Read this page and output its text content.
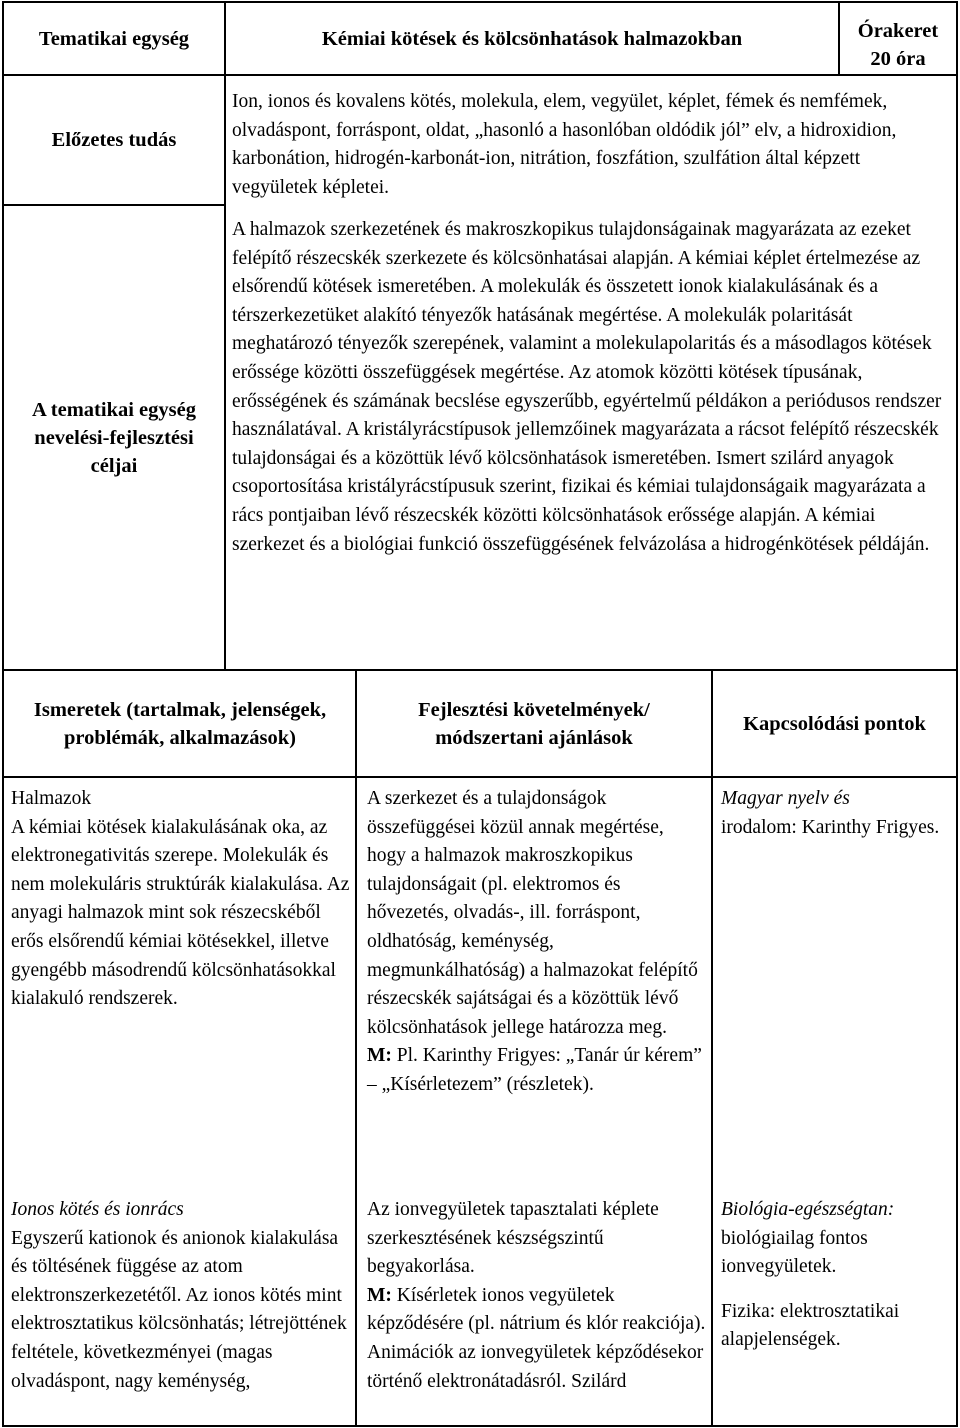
Tematikai egység	Kémiai kötések és kölcsönhatások halmazokban	Órakeret
20 óra
Előzetes tudás

Ion, ionos és kovalens kötés, molekula, elem, vegyület, képlet, fémek és nemfémek, olvadáspont, forráspont, oldat, „hasonló a hasonlóban oldódik jól” elv, a hidroxidion, karbonátion, hidrogén-karbonát-ion, nitrátion, foszfátion, szulfátion által képzett vegyületek képletei.

A tematikai egység
nevelési-fejlesztési
céljai

A halmazok szerkezetének és makroszkopikus tulajdonságainak magyarázata az ezeket felépítő részecskék szerkezete és kölcsönhatásai alapján. A kémiai képlet értelmezése az elsőrendű kötések ismeretében. A molekulák és összetett ionok kialakulásának és a térszerkezetüket alakító tényezők hatásának megértése. A molekulák polaritását meghatározó tényezők szerepének, valamint a molekulapolaritás és a másodlagos kötések erőssége közötti összefüggések megértése. Az atomok közötti kötések típusának, erősségének és számának becslése egyszerűbb, egyértelmű példákon a periódusos rendszer használatával. A kristályrácstípusok jellemzőinek magyarázata a rácsot felépítő részecskék tulajdonságai és a közöttük lévő kölcsönhatások ismeretében. Ismert szilárd anyagok csoportosítása kristályrácstípusuk szerint, fizikai és kémiai tulajdonságaik magyarázata a rács pontjaiban lévő részecskék közötti kölcsönhatások erőssége alapján. A kémiai szerkezet és a biológiai funkció összefüggésének felvázolása a hidrogénkötések példáján.

Ismeretek (tartalmak, jelenségek, problémák, alkalmazások)
Fejlesztési követelmények/
módszertani ajánlások
Kapcsolódási pontok
Halmazok

A kémiai kötések kialakulásának oka, az elektronegativitás szerepe. Molekulák és nem molekuláris struktúrák kialakulása. Az anyagi halmazok mint sok részecskéből erős elsőrendű kémiai kötésekkel, illetve gyengébb másodrendű kölcsönhatásokkal kialakuló rendszerek.

Ionos kötés és ionrács

Egyszerű kationok és anionok kialakulása és töltésének függése az atom elektronszerkezetétől. Az ionos kötés mint elektrosztatikus kölcsönhatás; létrejöttének feltétele, következményei (magas olvadáspont, nagy keménység,

A szerkezet és a tulajdonságok összefüggései közül annak megértése, hogy a halmazok makroszkopikus tulajdonságait (pl. elektromos és hővezetés, olvadás-, ill. forráspont, oldhatóság, keménység, megmunkálhatóság) a halmazokat felépítő részecskék sajátságai és a közöttük lévő kölcsönhatások jellege határozza meg.

M: Pl. Karinthy Frigyes: „Tanár úr kérem” – „Kísérletezem” (részletek).

Az ionvegyületek tapasztalati képlete szerkesztésének készségszintű begyakorlása.

M: Kísérletek ionos vegyületek képződésére (pl. nátrium és klór reakciója). Animációk az ionvegyületek képződésekor történő elektronátadásról. Szilárd

Magyar nyelv és

irodalom: Karinthy Frigyes.

Biológia-egészségtan:

biológiailag fontos ionvegyületek.

Fizika: elektrosztatikai alapjelenségek.
